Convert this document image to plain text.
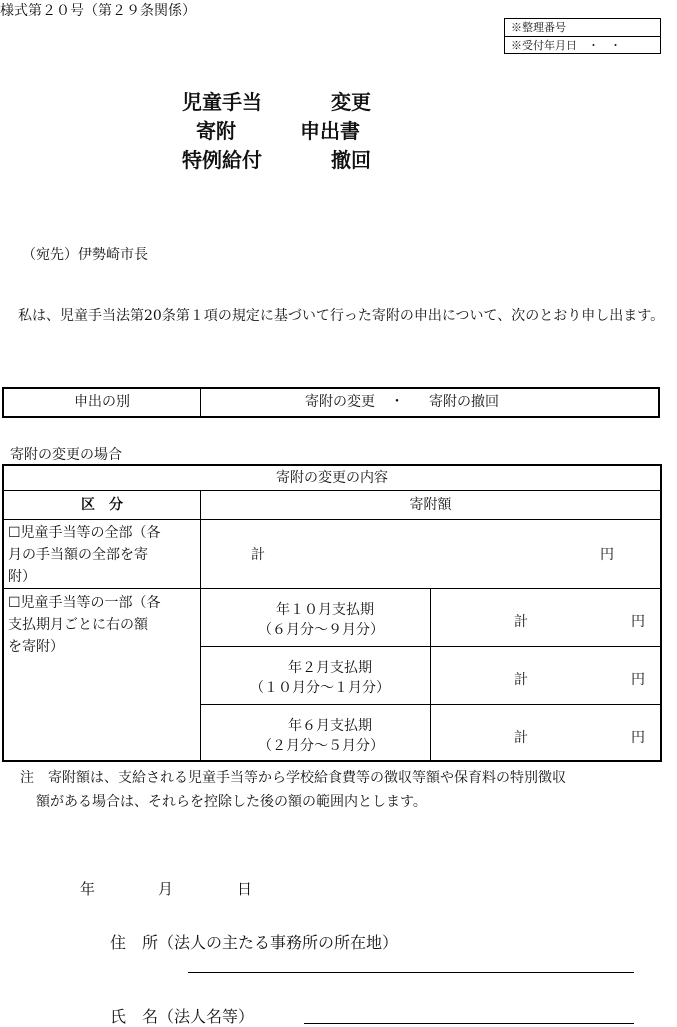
様式第２０号（第２９条関係）
※整理番号
※受付年月日　・　・
児童手当	変更
寄附	申出書
特例給付	撤回
（宛先）伊勢崎市長
私は、児童手当法第20条第１項の規定に基づいて行った寄附の申出について、次のとおり申し出ます。
申出の別	寄附の変更 ・ 寄附の撤回
寄附の変更の場合
寄附の変更の内容
区　分	寄附額
☐児童手当等の全部（各
月の手当額の全部を寄
附）
計	円
☐児童手当等の一部（各
支払期月ごとに右の額
を寄附）
年１０月支払期
（６月分～９月分）	計	円
年２月支払期
（１０月分～１月分）	計	円
年６月支払期
（２月分～５月分）	計	円
注　寄附額は、支給される児童手当等から学校給食費等の徴収等額や保育料の特別徴収
額がある場合は、それらを控除した後の額の範囲内とします。
年	月	日
住　所（法人の主たる事務所の所在地）
氏　名（法人名等）
